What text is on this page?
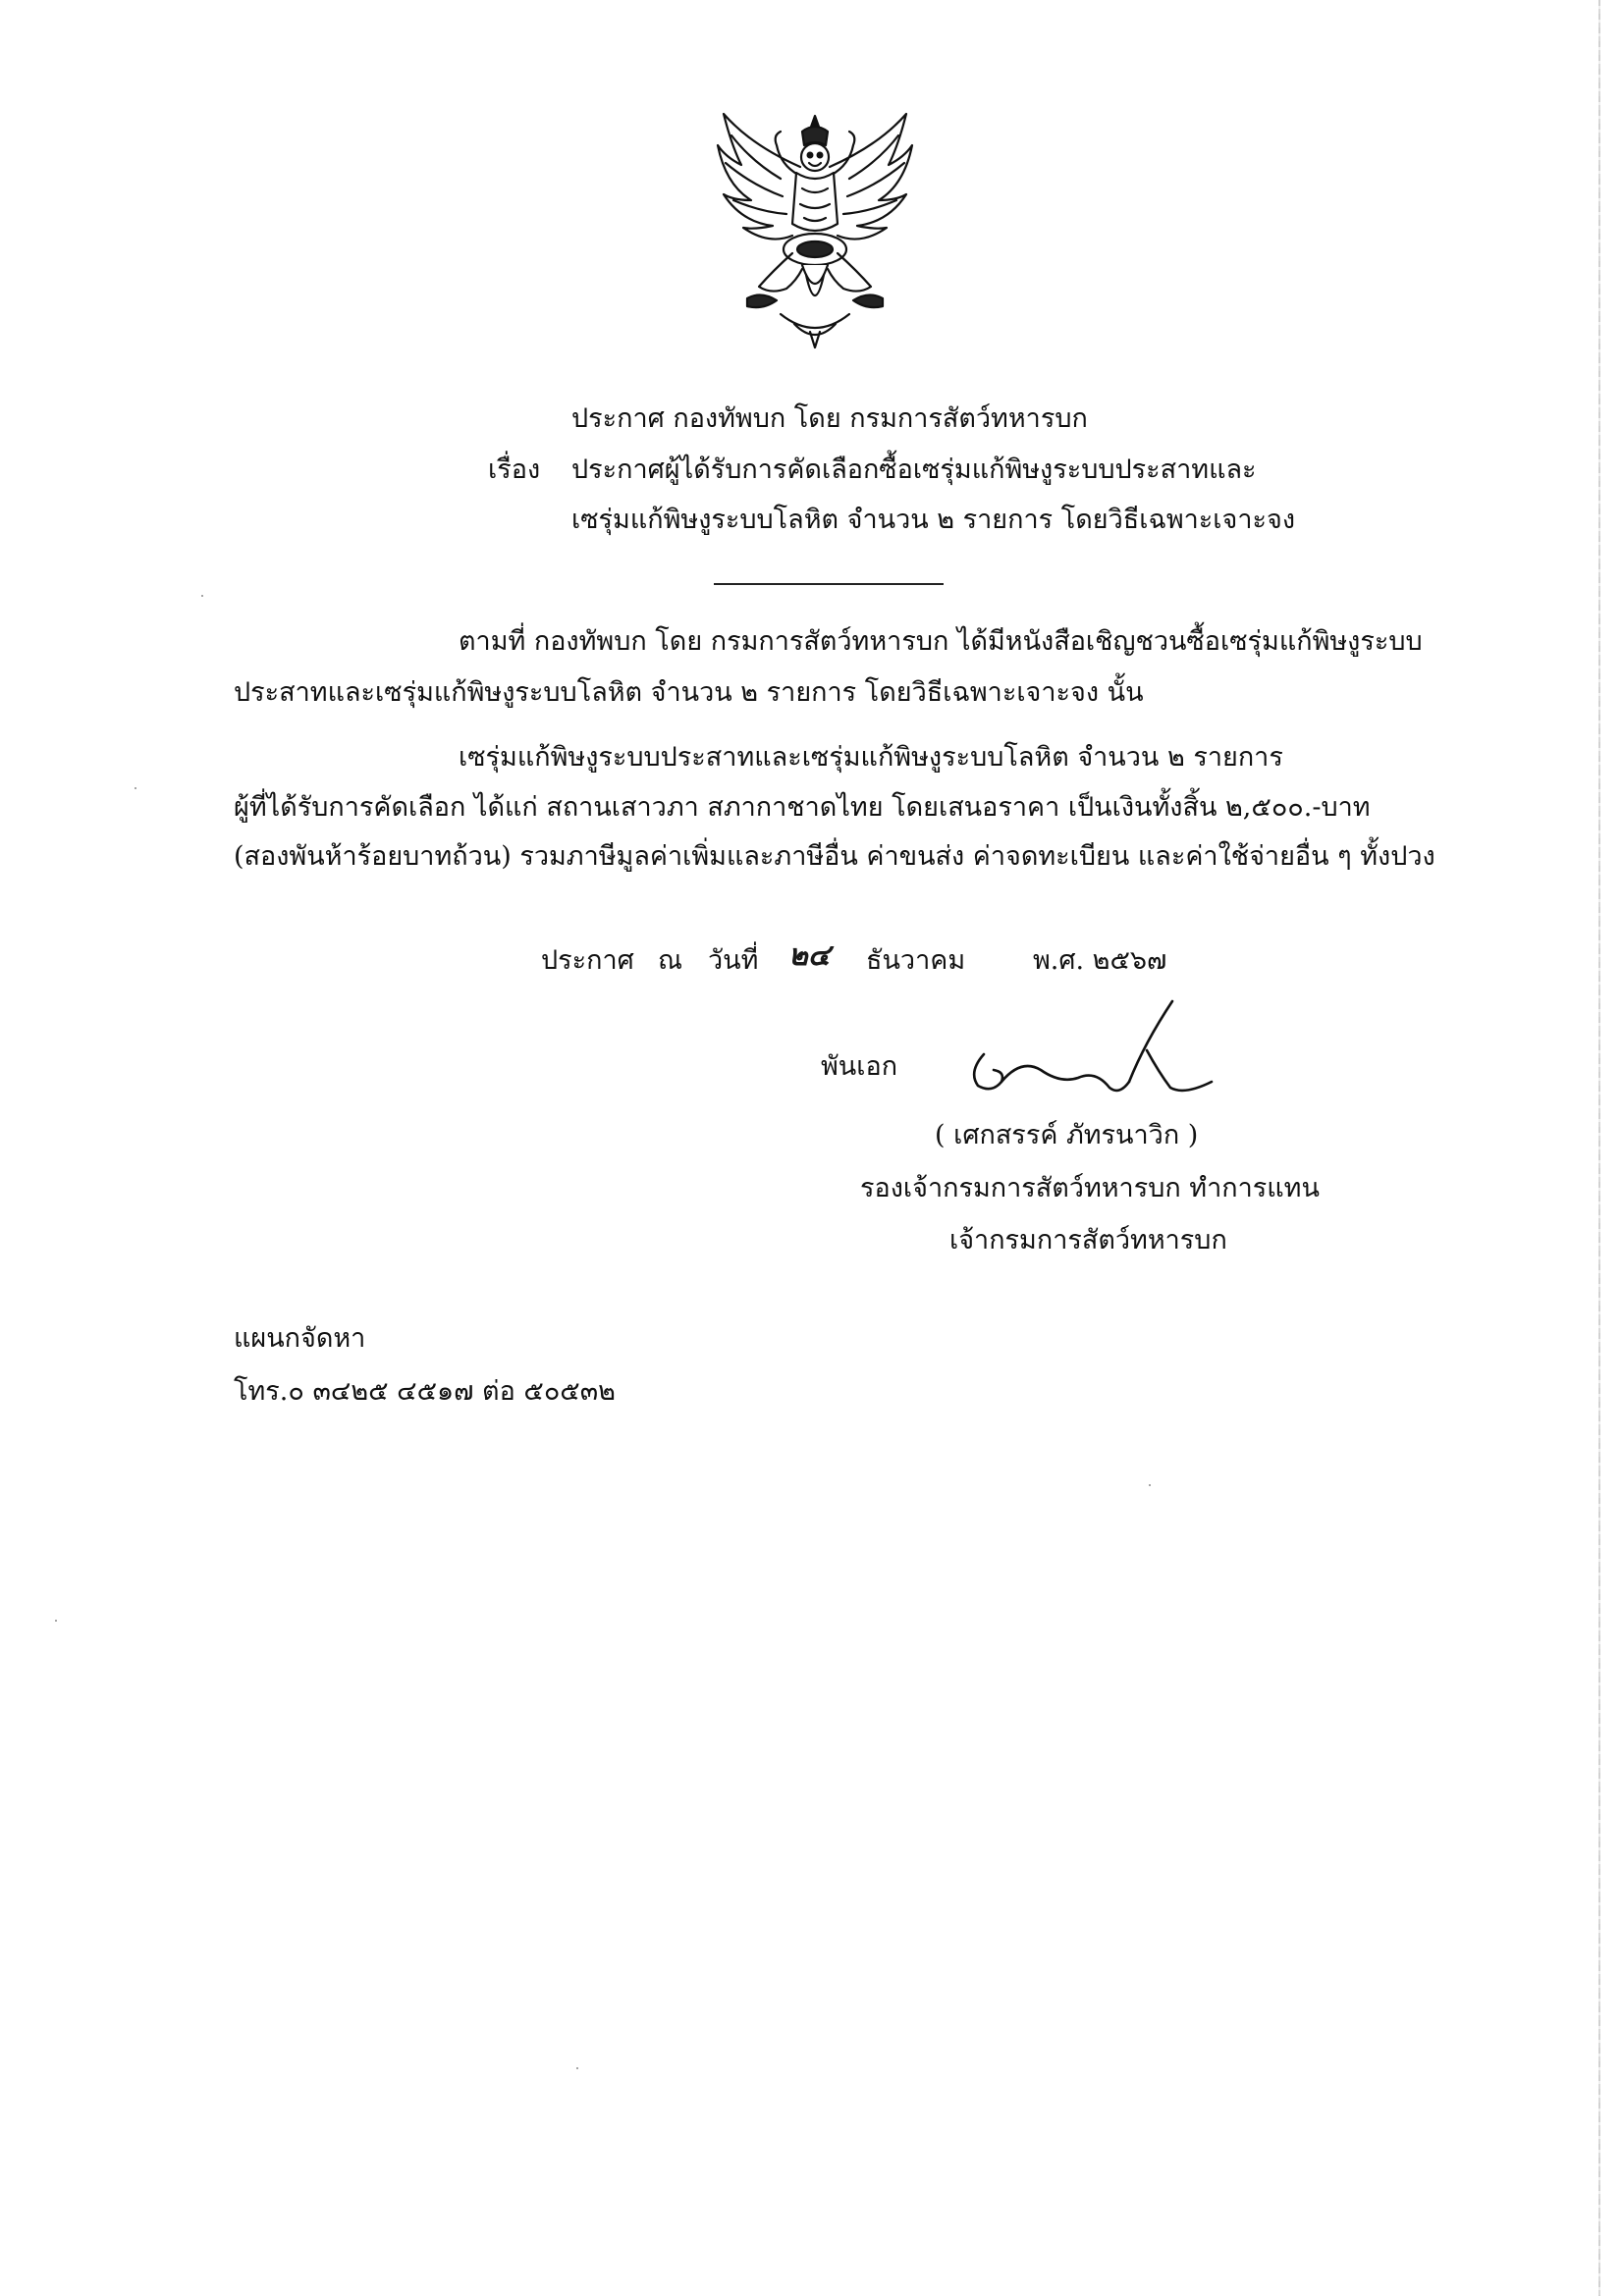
ประกาศ กองทัพบก โดย กรมการสัตว์ทหารบก
เรื่อง ประกาศผู้ได้รับการคัดเลือกซื้อเซรุ่มแก้พิษงูระบบประสาทและ
เซรุ่มแก้พิษงูระบบโลหิต จำนวน ๒ รายการ โดยวิธีเฉพาะเจาะจง
ตามที่ กองทัพบก โดย กรมการสัตว์ทหารบก ได้มีหนังสือเชิญชวนซื้อเซรุ่มแก้พิษงูระบบ
ประสาทและเซรุ่มแก้พิษงูระบบโลหิต จำนวน ๒ รายการ โดยวิธีเฉพาะเจาะจง นั้น
เซรุ่มแก้พิษงูระบบประสาทและเซรุ่มแก้พิษงูระบบโลหิต จำนวน ๒ รายการ
ผู้ที่ได้รับการคัดเลือก ได้แก่ สถานเสาวภา สภากาชาดไทย โดยเสนอราคา เป็นเงินทั้งสิ้น ๒,๕๐๐.-บาท
(สองพันห้าร้อยบาทถ้วน) รวมภาษีมูลค่าเพิ่มและภาษีอื่น ค่าขนส่ง ค่าจดทะเบียน และค่าใช้จ่ายอื่น ๆ ทั้งปวง
ประกาศ ณ วันที่ ๒๔ ธันวาคม	พ.ศ. ๒๕๖๗
พันเอก
( เศกสรรค์ ภัทรนาวิก )
รองเจ้ากรมการสัตว์ทหารบก ทำการแทน
เจ้ากรมการสัตว์ทหารบก
แผนกจัดหา
โทร.๐ ๓๔๒๕ ๔๕๑๗ ต่อ ๕๐๕๓๒
